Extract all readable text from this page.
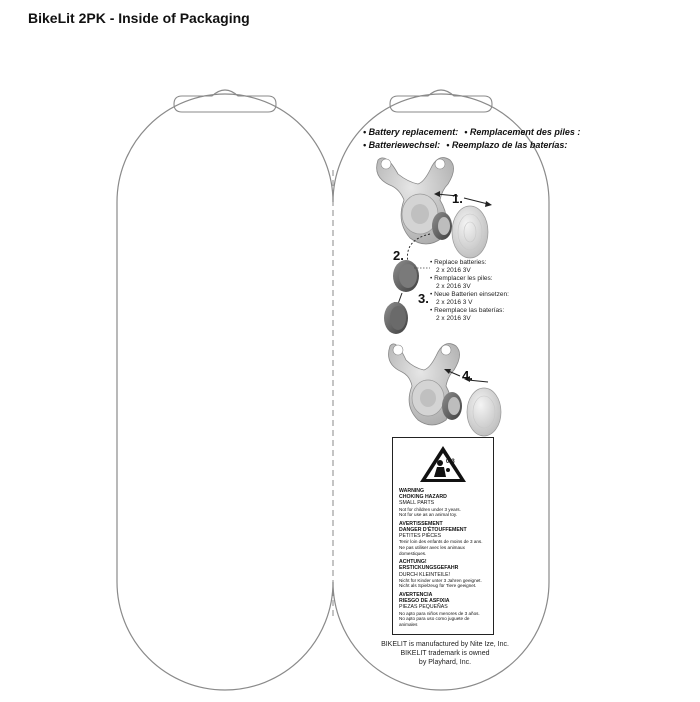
BikeLit 2PK - Inside of Packaging
• Battery replacement: • Remplacement des piles :
• Batteriewechsel: • Reemplazo de las baterías:
1.
2.
3.
4.
• Replace batteries:
2 x 2016 3V
• Remplacer les piles:
2 x 2016 3V
• Neue Batterien einsetzen:
2 x 2016 3 V
• Reemplace las baterías:
2 x 2016 3V
0-3
WARNING
CHOKING HAZARD
SMALL PARTS
Not for children under 3 years.
Not for use as an animal toy.
AVERTISSEMENT
DANGER D'ÉTOUFFEMENT
PETITES PIÈCES
Tenir loin des enfants de moins de 3 ans.
Ne pas utiliser avec les animaux domestiques.
ACHTUNG!
ERSTICKUNGSGEFAHR
DURCH KLEINTEILE!
Nicht für Kinder unter 3 Jahren geeignet.
Nicht als Spielzeug für Tiere geeignet.
AVERTENCIA
RIESGO DE ASFIXIA
PIEZAS PEQUEÑAS
No apto para niños menores de 3 años.
No apto para uso como juguete de animales
BIKELIT is manufactured by Nite Ize, Inc.
BIKELIT trademark is owned
by Playhard, Inc.
